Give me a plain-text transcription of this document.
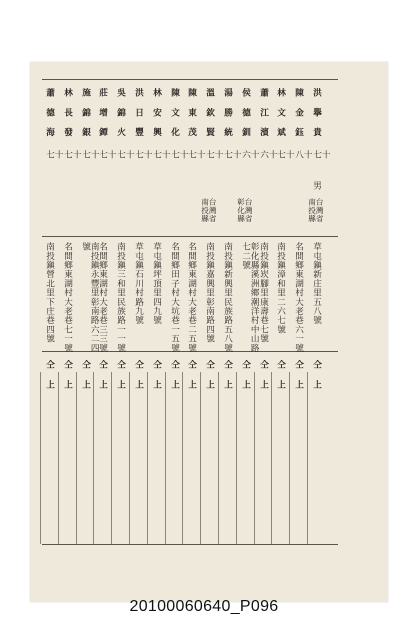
洪 擧 貴
十 七
男
台灣省 南投縣
草屯鎭新庄里五八號
仝 上
陳 金 鈺
十 八
名間鄉東湖村大老巷六一號
仝 上
林 文 斌
十 七
南投鎭漳和里二六七號
仝 上
蕭 江 濱
十 六
南投鎭崁腳里康壽巷七號
仝 上
侯 德 釧
十 六
台灣省 彰化縣
彰化縣溪洲鄉潮洋村中山路七二號
仝 上
湯 勝 統
十 七
南投鎭新興里民族路五八號
仝 上
溫 欽 賢
十 七
台灣省 南投縣
南投鎭嘉興里彰南路四號
仝 上
陳 東 茂
十 七
名間鄉東湖村大老巷二五號
仝 上
陳 文 化
十 七
名間鄉田子村大坑巷一五號
仝 上
林 安 興
十 七
草屯鎭坪頂里四九號
仝 上
洪 日 豐
十 七
草屯鎭石川村路九號
仝 上
吳 錦 火
十 七
南投鎭三和里民族路一一號
仝 上
莊 增 鐔
十 七
名間鄉東湖村大老巷三三號
仝 上
施 錦 銀
十 七
南投鎭永豐里彰南路六二四號
仝 上
林 長 發
十 七
名間鄉東湖村大老巷七一號
仝 上
蕭 德 海
十 七
南投鎭營北里下庄巷四號
仝 上
20100060640_P096
